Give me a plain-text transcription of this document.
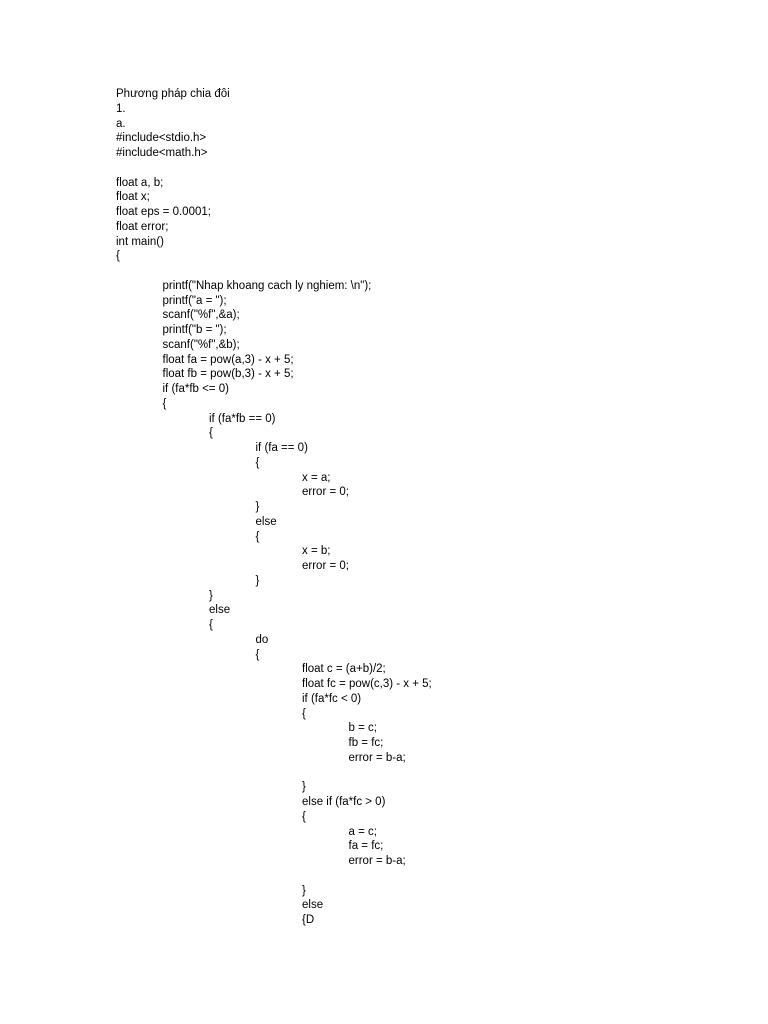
Phương pháp chia đôi
1.
a.
#include<stdio.h>
#include<math.h>
float a, b;
float x;
float eps = 0.0001;
float error;
int main()
{
printf("Nhap khoang cach ly nghiem: \n");
printf("a = ");
scanf("%f",&a);
printf("b = ");
scanf("%f",&b);
float fa = pow(a,3) - x + 5;
float fb = pow(b,3) - x + 5;
if (fa*fb <= 0)
{
if (fa*fb == 0)
{
if (fa == 0)
{
x = a;
error = 0;
}
else
{
x = b;
error = 0;
}
}
else
{
do
{
float c = (a+b)/2;
float fc = pow(c,3) - x + 5;
if (fa*fc < 0)
{
b = c;
fb = fc;
error = b-a;
}
else if (fa*fc > 0)
{
a = c;
fa = fc;
error = b-a;
}
else
{D
